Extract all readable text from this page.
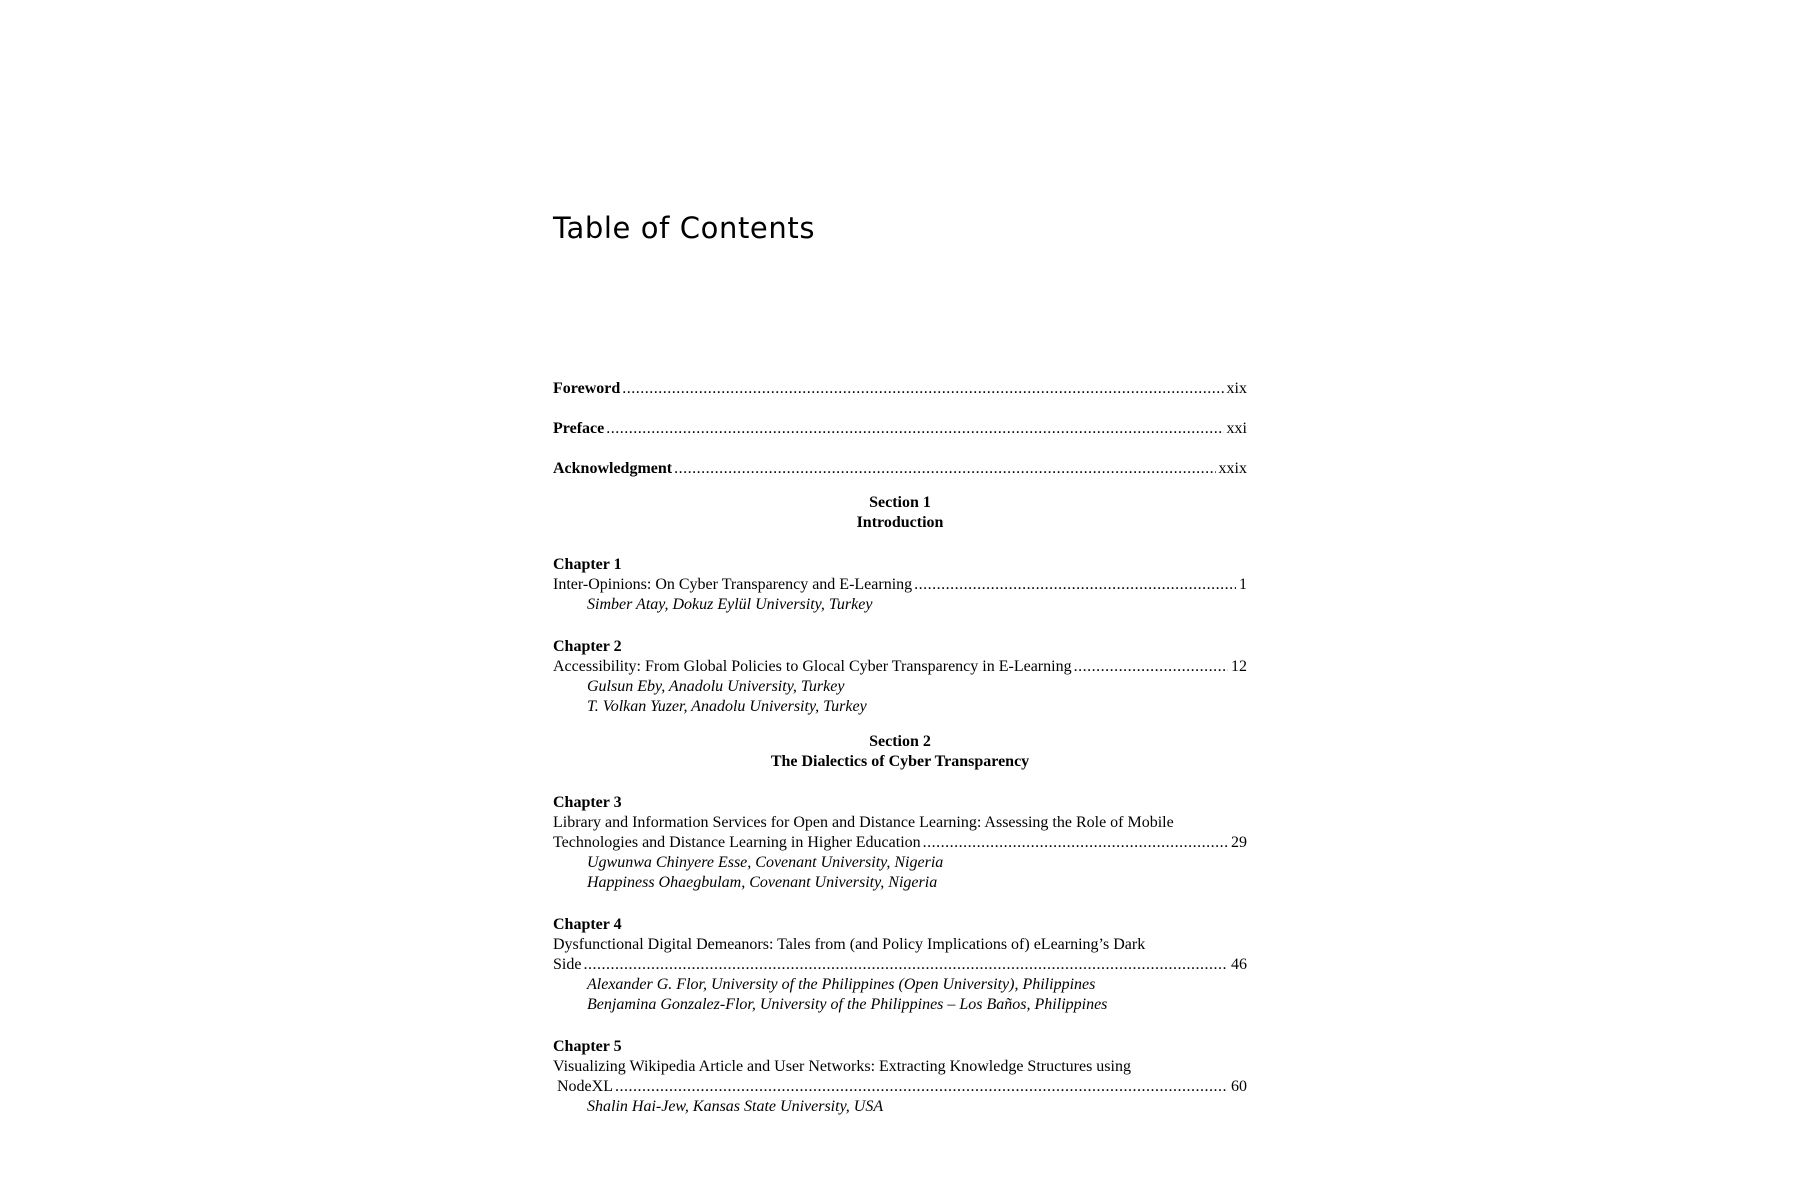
Table of Contents
Foreword .....	xix
Preface .....	xxi
Acknowledgment .....	xxix
Section 1
Introduction
Chapter 1
Inter-Opinions: On Cyber Transparency and E-Learning .....	1
Simber Atay, Dokuz Eylül University, Turkey
Chapter 2
Accessibility: From Global Policies to Glocal Cyber Transparency in E-Learning .....	12
Gulsun Eby, Anadolu University, Turkey
T. Volkan Yuzer, Anadolu University, Turkey
Section 2
The Dialectics of Cyber Transparency
Chapter 3
Library and Information Services for Open and Distance Learning: Assessing the Role of Mobile
Technologies and Distance Learning in Higher Education .....	29
Ugwunwa Chinyere Esse, Covenant University, Nigeria
Happiness Ohaegbulam, Covenant University, Nigeria
Chapter 4
Dysfunctional Digital Demeanors: Tales from (and Policy Implications of) eLearning’s Dark
Side .....	46
Alexander G. Flor, University of the Philippines (Open University), Philippines
Benjamina Gonzalez-Flor, University of the Philippines – Los Baños, Philippines
Chapter 5
Visualizing Wikipedia Article and User Networks: Extracting Knowledge Structures using
NodeXL .....	60
Shalin Hai-Jew, Kansas State University, USA
